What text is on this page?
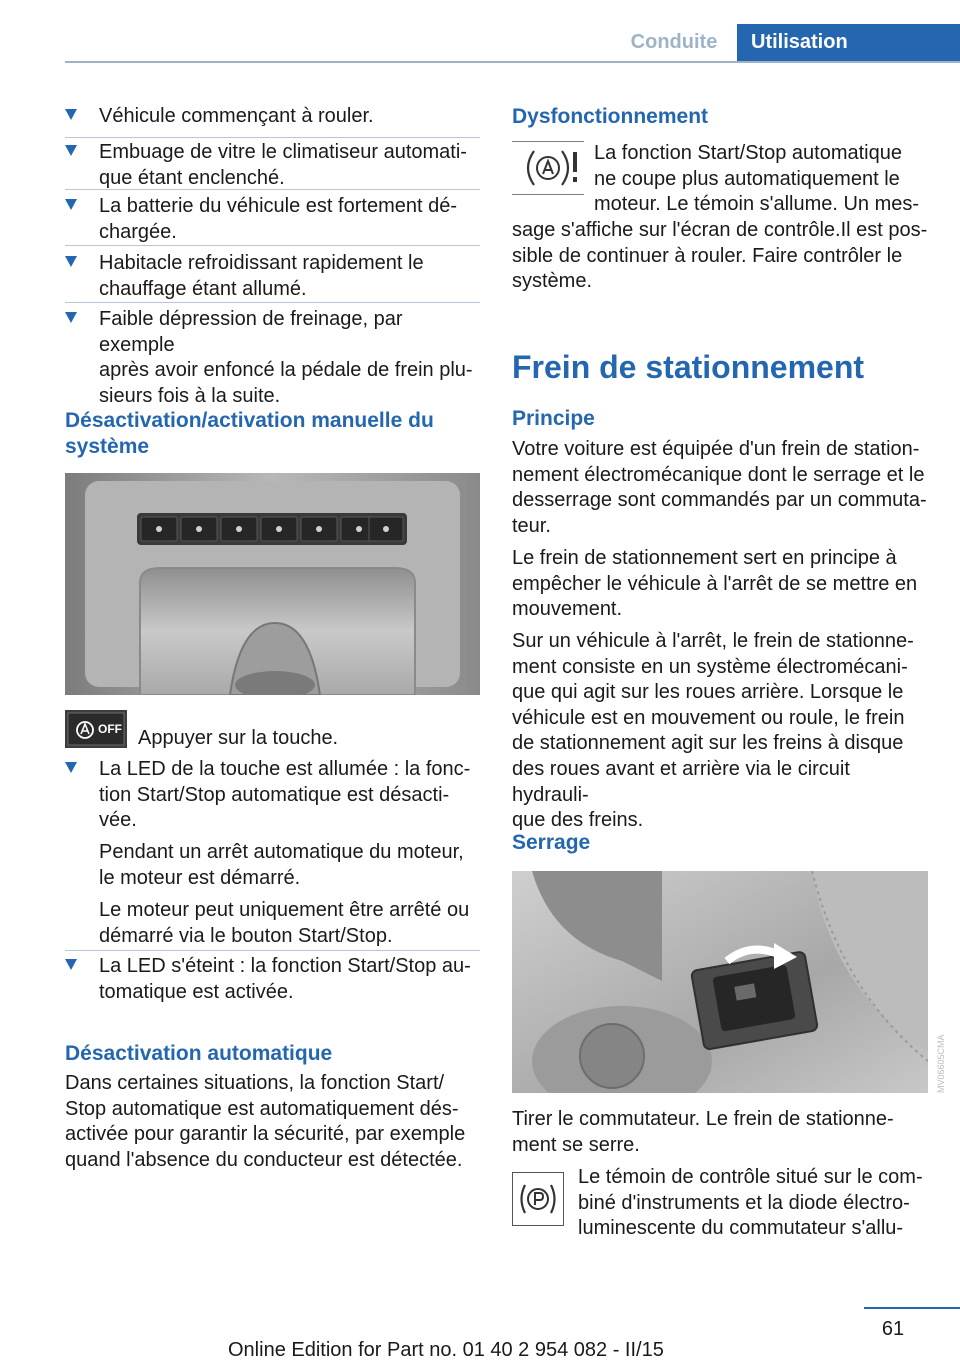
Conduite	Utilisation
Véhicule commençant à rouler.
Embuage de vitre le climatiseur automati‐
que étant enclenché.
La batterie du véhicule est fortement dé‐
chargée.
Habitacle refroidissant rapidement le
chauffage étant allumé.
Faible dépression de freinage, par exemple
après avoir enfoncé la pédale de frein plu‐
sieurs fois à la suite.
Désactivation/activation manuelle du
système
OFF Appuyer sur la touche.
La LED de la touche est allumée : la fonc‐
tion Start/Stop automatique est désacti‐
vée.
Pendant un arrêt automatique du moteur,
le moteur est démarré.
Le moteur peut uniquement être arrêté ou
démarré via le bouton Start/Stop.
La LED s'éteint : la fonction Start/Stop au‐
tomatique est activée.
Désactivation automatique
Dans certaines situations, la fonction Start/
Stop automatique est automatiquement dés‐
activée pour garantir la sécurité, par exemple
quand l'absence du conducteur est détectée.
Dysfonctionnement
La fonction Start/Stop automatique
ne coupe plus automatiquement le
moteur. Le témoin s'allume. Un mes‐
sage s'affiche sur l'écran de contrôle.Il est pos‐
sible de continuer à rouler. Faire contrôler le
système.
Frein de stationnement
Principe
Votre voiture est équipée d'un frein de station‐
nement électromécanique dont le serrage et le
desserrage sont commandés par un commuta‐
teur.
Le frein de stationnement sert en principe à
empêcher le véhicule à l'arrêt de se mettre en
mouvement.
Sur un véhicule à l'arrêt, le frein de stationne‐
ment consiste en un système électromécani‐
que qui agit sur les roues arrière. Lorsque le
véhicule est en mouvement ou roule, le frein
de stationnement agit sur les freins à disque
des roues avant et arrière via le circuit hydrauli‐
que des freins.
Serrage
MV06605CMA
Tirer le commutateur. Le frein de stationne‐
ment se serre.
Le témoin de contrôle situé sur le com‐
biné d'instruments et la diode électro‐
luminescente du commutateur s'allu‐
61
Online Edition for Part no. 01 40 2 954 082 - II/15
